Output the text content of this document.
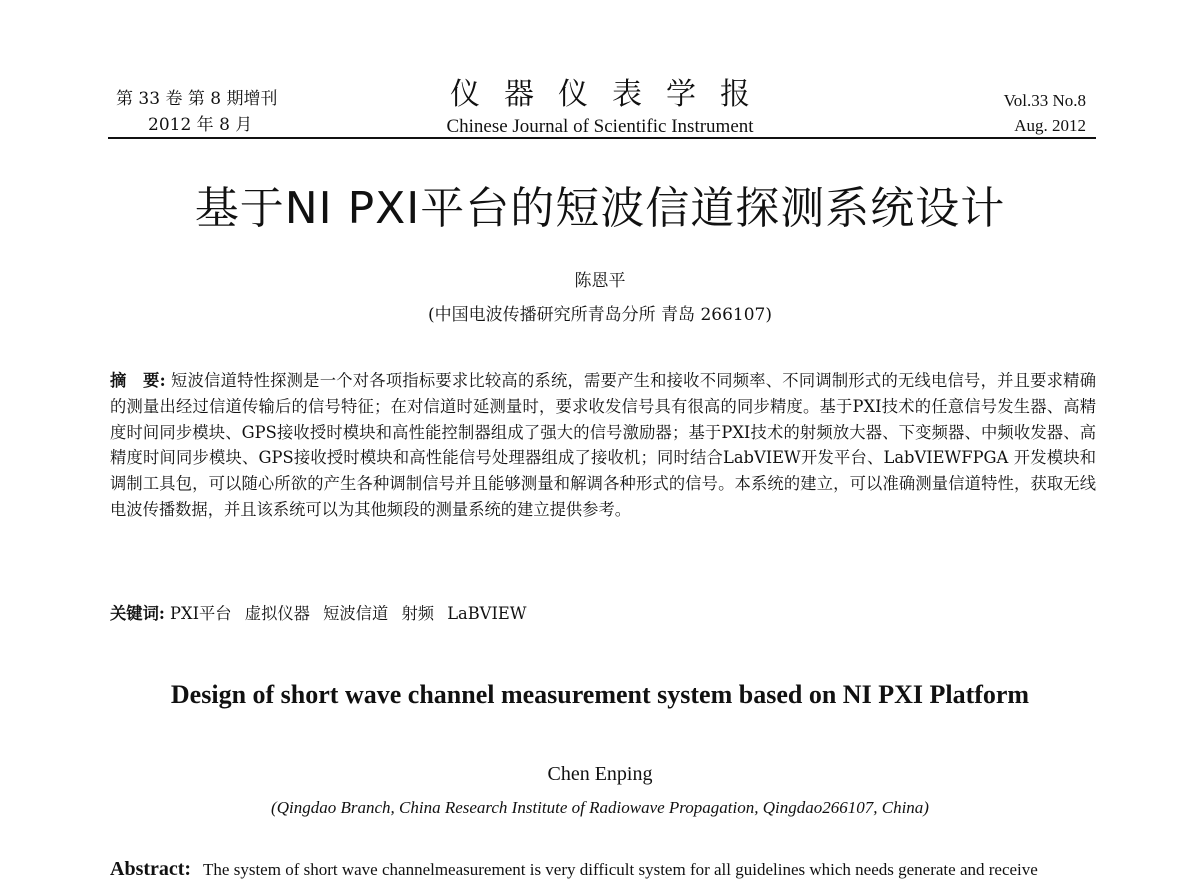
第 33 卷 第 8 期增刊
2012 年 8 月
仪器仪表学报
Chinese Journal of Scientific Instrument
Vol.33 No.8
Aug. 2012
基于NI PXI平台的短波信道探测系统设计
陈恩平
(中国电波传播研究所青岛分所 青岛 266107)
摘　要: 短波信道特性探测是一个对各项指标要求比较高的系统，需要产生和接收不同频率、不同调制形式的无线电信号，并且要求精确的测量出经过信道传输后的信号特征；在对信道时延测量时，要求收发信号具有很高的同步精度。基于PXI技术的任意信号发生器、高精度时间同步模块、GPS接收授时模块和高性能控制器组成了强大的信号激励器；基于PXI技术的射频放大器、下变频器、中频收发器、高精度时间同步模块、GPS接收授时模块和高性能信号处理器组成了接收机；同时结合LabVIEW开发平台、LabVIEWFPGA 开发模块和调制工具包，可以随心所欲的产生各种调制信号并且能够测量和解调各种形式的信号。本系统的建立，可以准确测量信道特性，获取无线电波传播数据，并且该系统可以为其他频段的测量系统的建立提供参考。
关键词: PXI平台 虚拟仪器 短波信道 射频 LaBVIEW
Design of short wave channel measurement system based on NI PXI Platform
Chen Enping
(Qingdao Branch, China Research Institute of Radiowave Propagation, Qingdao266107, China)
Abstract: The system of short wave channelmeasurement is very difficult system for all guidelines which needs generate and receive
